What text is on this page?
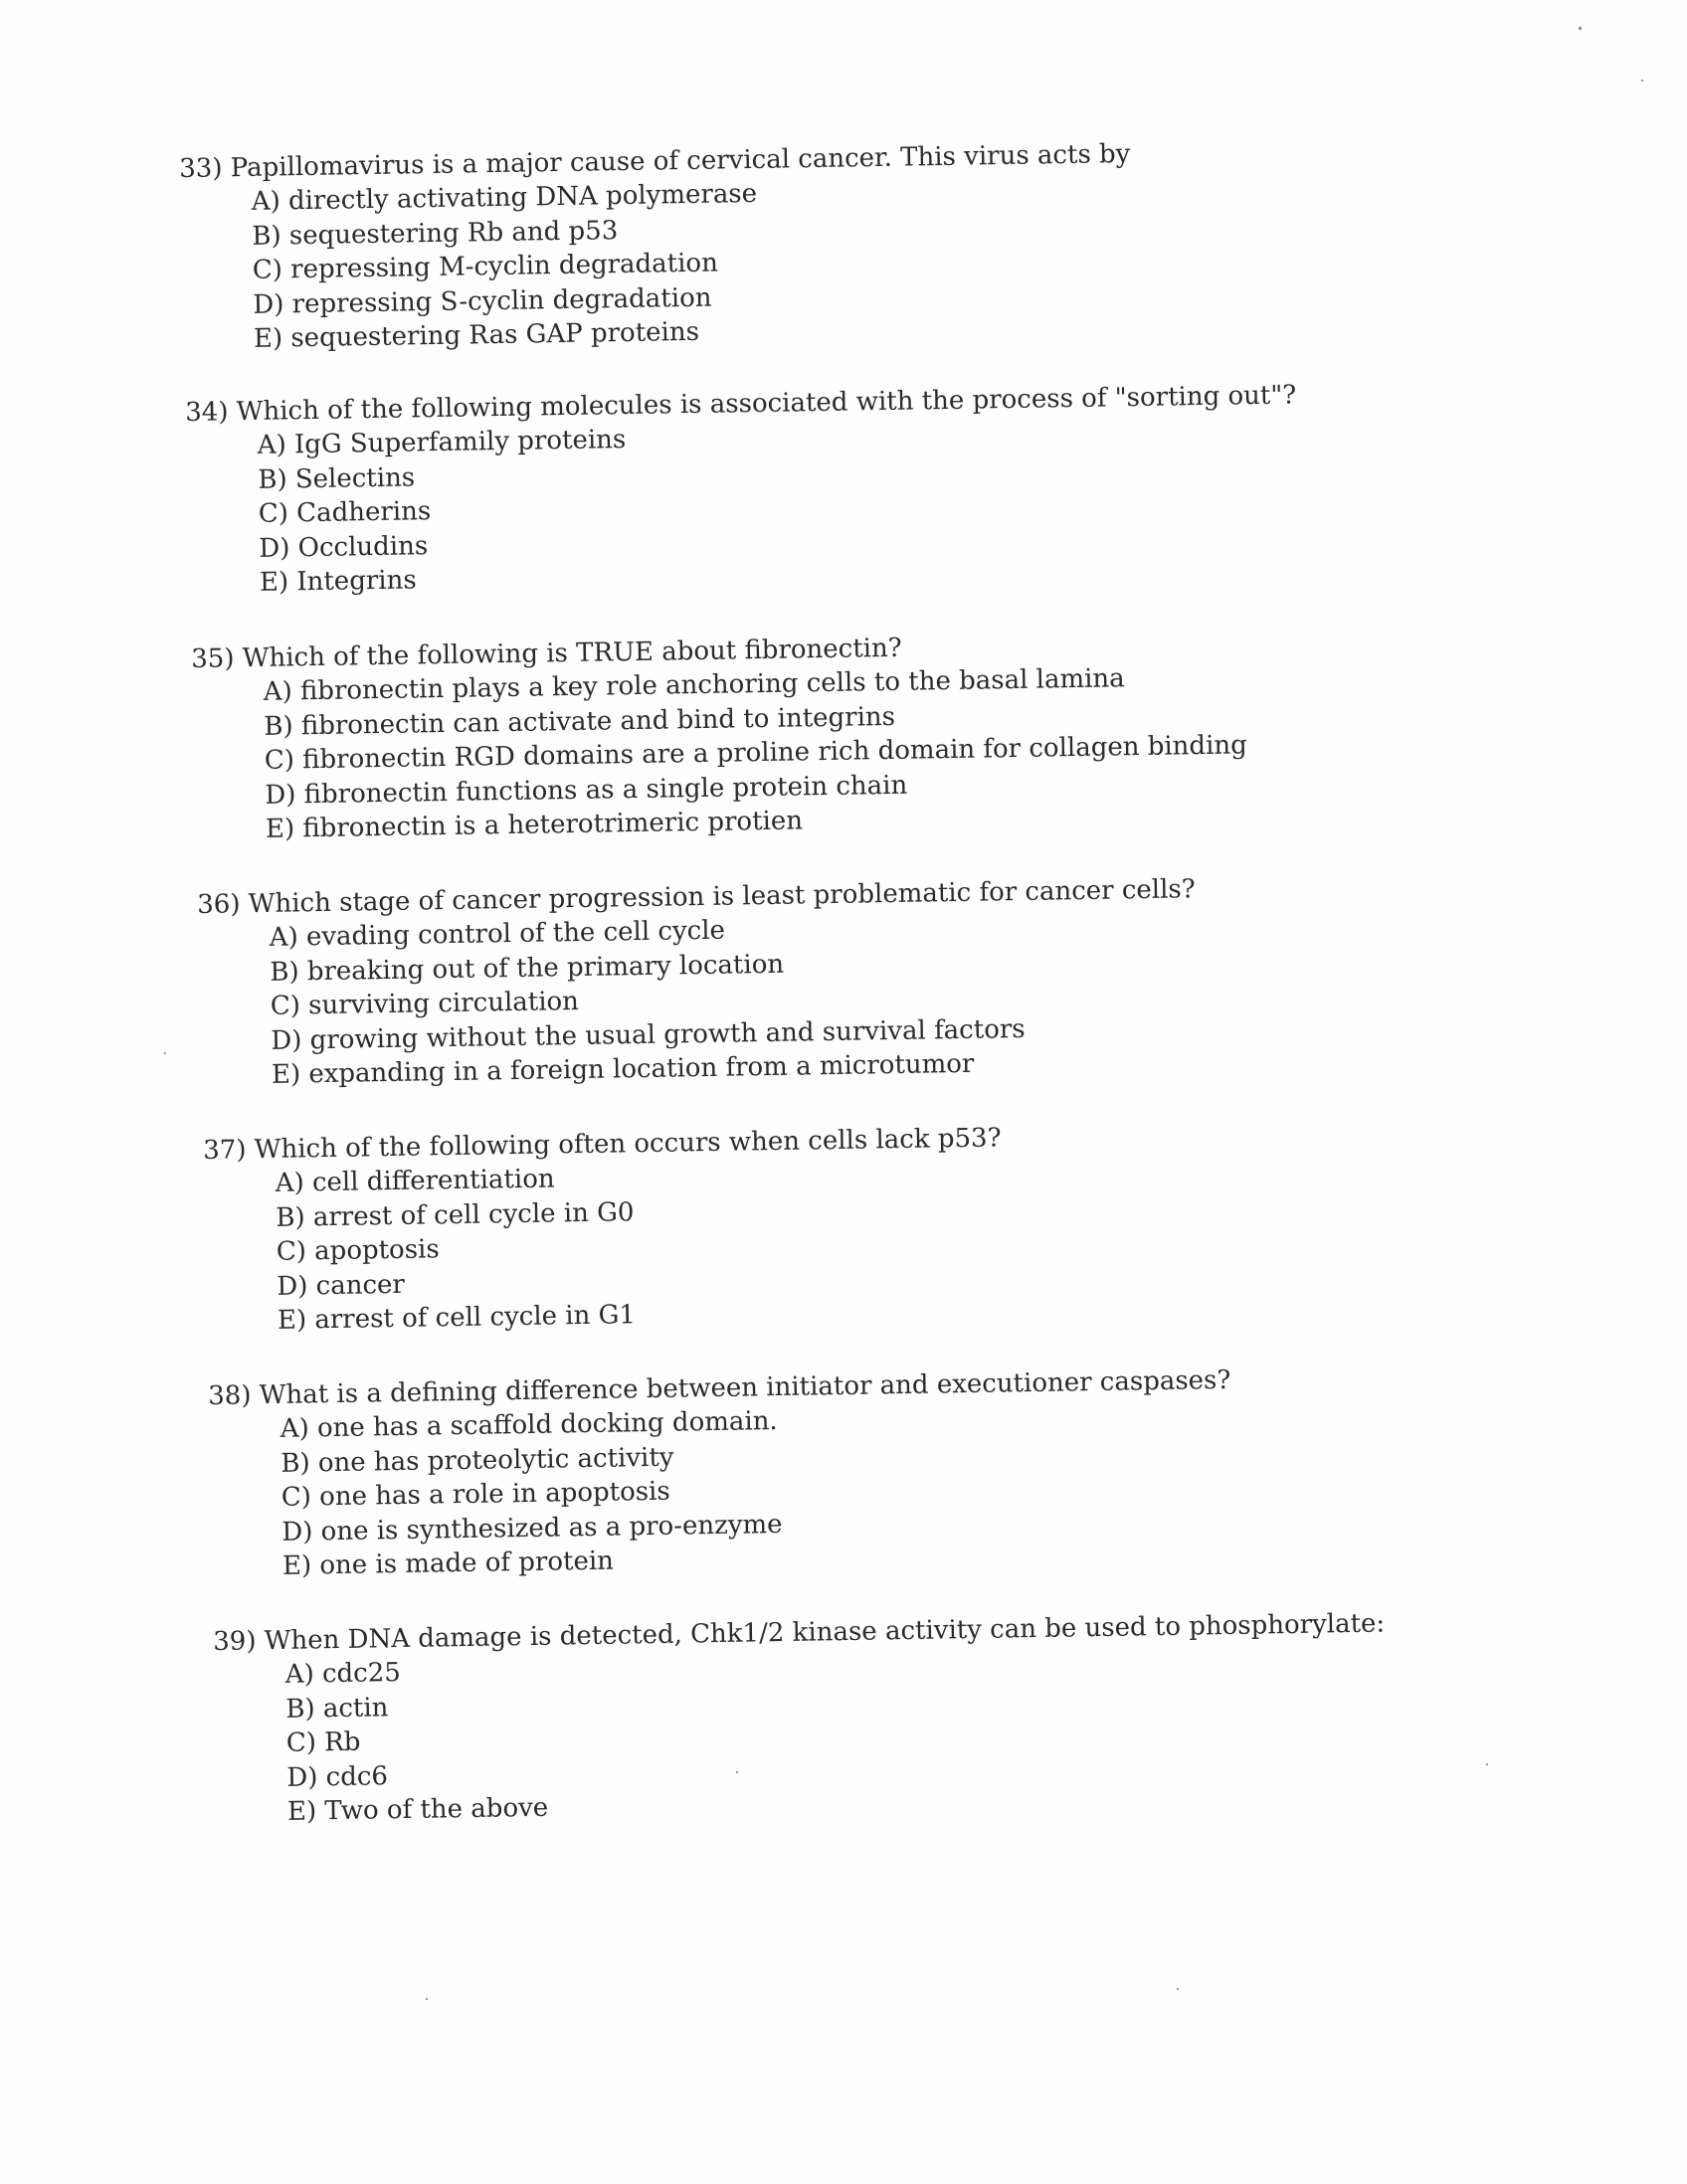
33) Papillomavirus is a major cause of cervical cancer. This virus acts by

A) directly activating DNA polymerase
B) sequestering Rb and p53
C) repressing M-cyclin degradation
D) repressing S-cyclin degradation
E) sequestering Ras GAP proteins

34) Which of the following molecules is associated with the process of "sorting out"?

A) IgG Superfamily proteins
B) Selectins
C) Cadherins
D) Occludins
E) Integrins

35) Which of the following is TRUE about fibronectin?

A) fibronectin plays a key role anchoring cells to the basal lamina
B) fibronectin can activate and bind to integrins
C) fibronectin RGD domains are a proline rich domain for collagen binding
D) fibronectin functions as a single protein chain
E) fibronectin is a heterotrimeric protien

36) Which stage of cancer progression is least problematic for cancer cells?

A) evading control of the cell cycle
B) breaking out of the primary location
C) surviving circulation
D) growing without the usual growth and survival factors
E) expanding in a foreign location from a microtumor

37) Which of the following often occurs when cells lack p53?

A) cell differentiation
B) arrest of cell cycle in G0
C) apoptosis
D) cancer
E) arrest of cell cycle in G1

38) What is a defining difference between initiator and executioner caspases?

A) one has a scaffold docking domain.
B) one has proteolytic activity
C) one has a role in apoptosis
D) one is synthesized as a pro-enzyme
E) one is made of protein

39) When DNA damage is detected, Chk1/2 kinase activity can be used to phosphorylate:

A) cdc25
B) actin
C) Rb
D) cdc6
E) Two of the above
